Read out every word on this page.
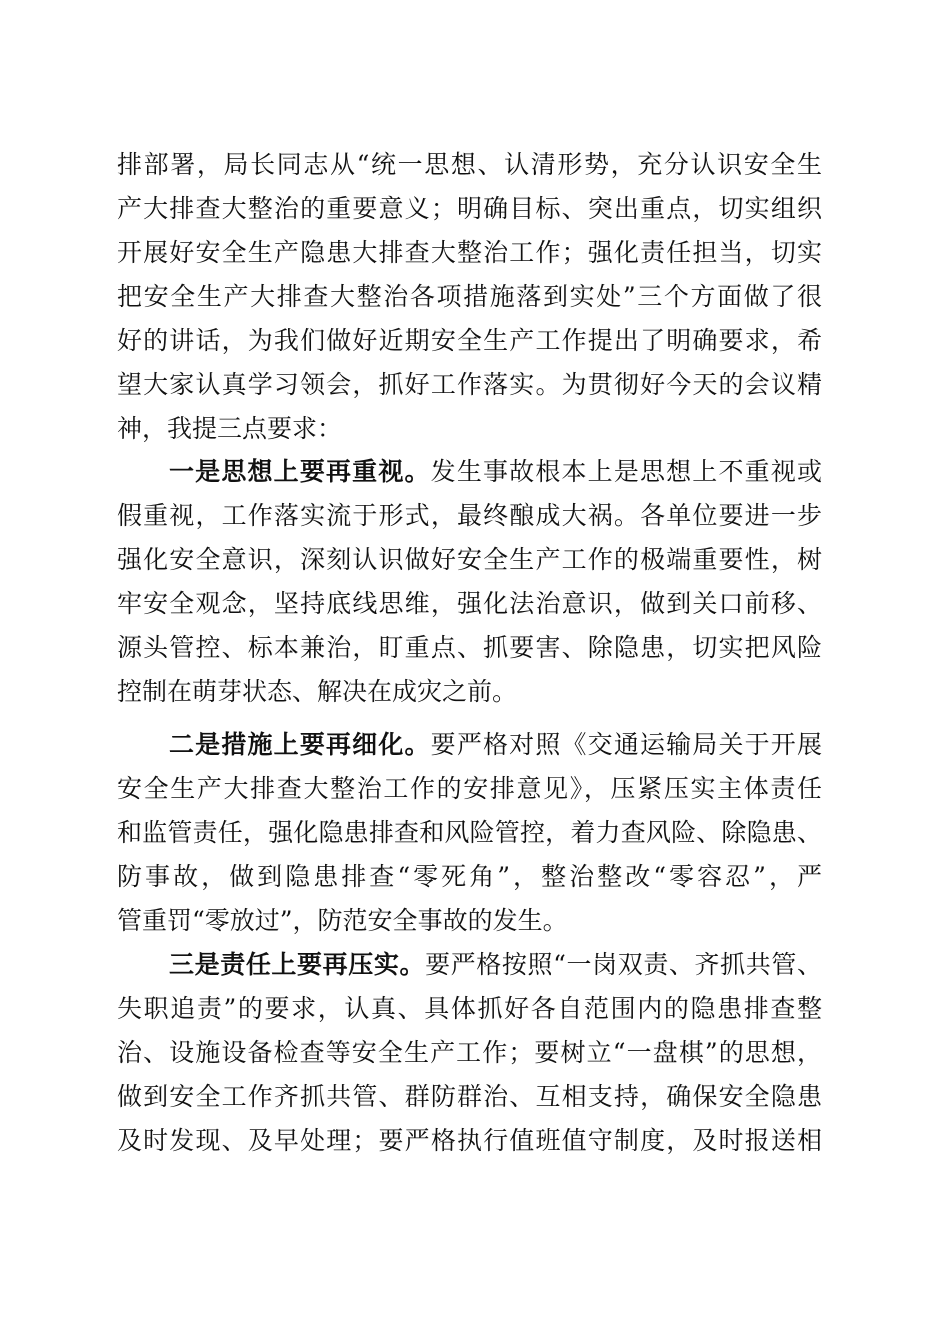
排部署，局长同志从“统一思想、认清形势，充分认识安全生
产大排查大整治的重要意义；明确目标、突出重点，切实组织
开展好安全生产隐患大排查大整治工作；强化责任担当，切实
把安全生产大排查大整治各项措施落到实处”三个方面做了很
好的讲话，为我们做好近期安全生产工作提出了明确要求，希
望大家认真学习领会，抓好工作落实。为贯彻好今天的会议精
神，我提三点要求：
一是思想上要再重视。发生事故根本上是思想上不重视或
假重视，工作落实流于形式，最终酿成大祸。各单位要进一步
强化安全意识，深刻认识做好安全生产工作的极端重要性，树
牢安全观念，坚持底线思维，强化法治意识，做到关口前移、
源头管控、标本兼治，盯重点、抓要害、除隐患，切实把风险
控制在萌芽状态、解决在成灾之前。
二是措施上要再细化。要严格对照《交通运输局关于开展
安全生产大排查大整治工作的安排意见》，压紧压实主体责任
和监管责任，强化隐患排查和风险管控，着力查风险、除隐患、
防事故，做到隐患排查“零死角”，整治整改“零容忍”，严
管重罚“零放过”，防范安全事故的发生。
三是责任上要再压实。要严格按照“一岗双责、齐抓共管、
失职追责”的要求，认真、具体抓好各自范围内的隐患排查整
治、设施设备检查等安全生产工作；要树立“一盘棋”的思想，
做到安全工作齐抓共管、群防群治、互相支持，确保安全隐患
及时发现、及早处理；要严格执行值班值守制度，及时报送相
